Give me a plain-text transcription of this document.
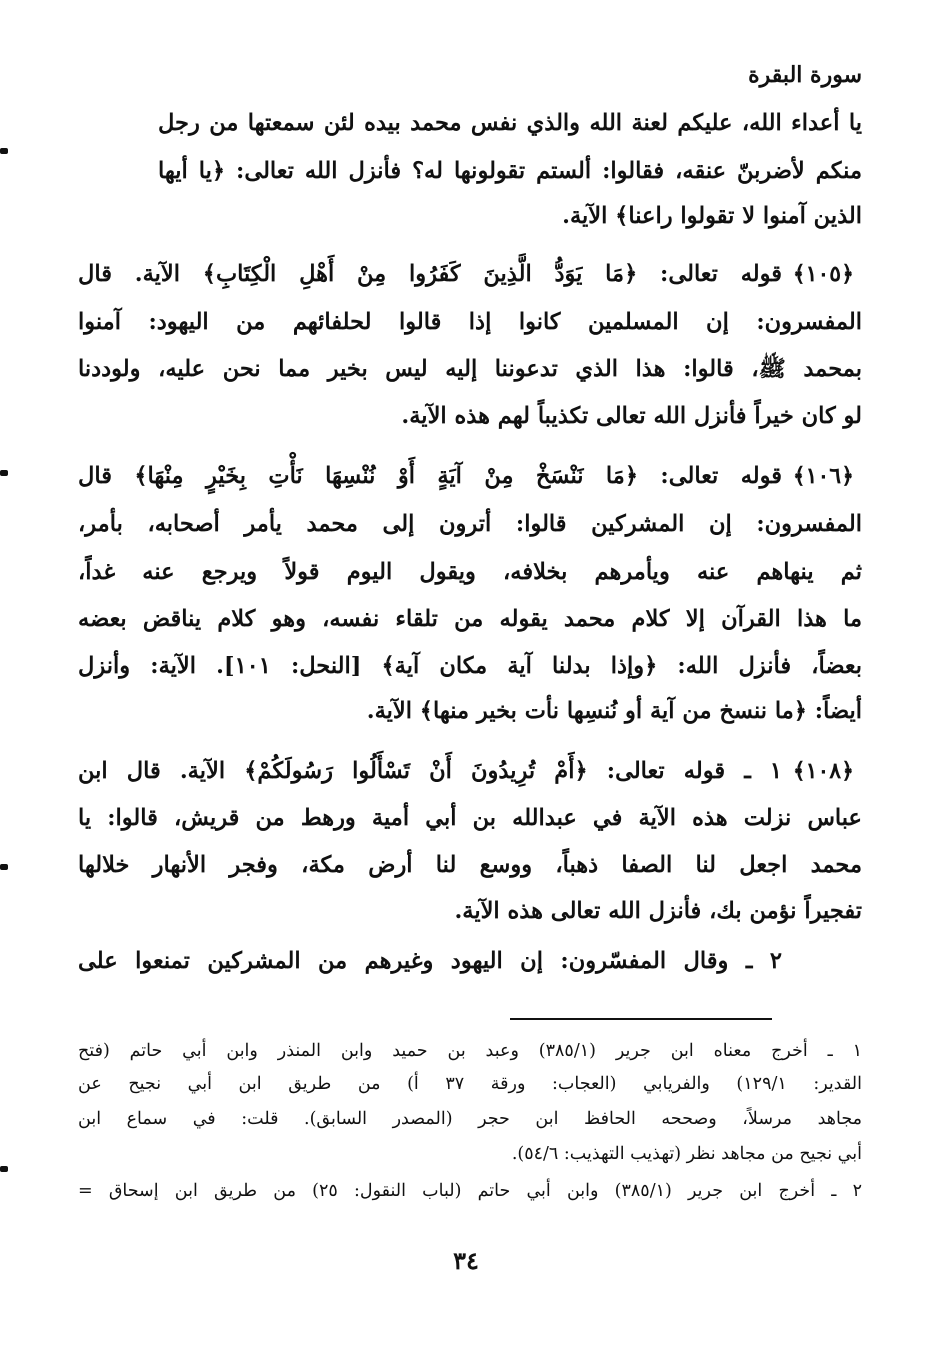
سورة البقرة
يا أعداء الله، عليكم لعنة الله والذي نفس محمد بيده لئن سمعتها من رجل
منكم لأضربنّ عنقه، فقالوا: ألستم تقولونها له؟ فأنزل الله تعالى: ﴿يا أيها
الذين آمنوا لا تقولوا راعنا﴾ الآية.
﴿١٠٥﴾
قوله تعالى: ﴿مَا يَوَدُّ الَّذِينَ كَفَرُوا مِنْ أَهْلِ الْكِتَابِ﴾ الآية. قال
المفسرون: إن المسلمين كانوا إذا قالوا لحلفائهم من اليهود: آمنوا
بمحمد ﷺ، قالوا: هذا الذي تدعوننا إليه ليس بخير مما نحن عليه، ولوددنا
لو كان خيراً فأنزل الله تعالى تكذيباً لهم هذه الآية.
﴿١٠٦﴾
قوله تعالى: ﴿مَا نَنْسَخْ مِنْ آيَةٍ أَوْ نُنْسِهَا نَأْتِ بِخَيْرٍ مِنْهَا﴾ قال
المفسرون: إن المشركين قالوا: أترون إلى محمد يأمر أصحابه، بأمر،
ثم ينهاهم عنه ويأمرهم بخلافه، ويقول اليوم قولاً ويرجع عنه غداً،
ما هذا القرآن إلا كلام محمد يقوله من تلقاء نفسه، وهو كلام يناقض بعضه
بعضاً، فأنزل الله: ﴿وإذا بدلنا آية مكان آية﴾ [النحل: ١٠١]. الآية: وأنزل
أيضاً: ﴿ما ننسخ من آية أو نُنسِها نأت بخير منها﴾ الآية.
﴿١٠٨﴾
١ ـ قوله تعالى: ﴿أَمْ تُرِيدُونَ أَنْ تَسْأَلُوا رَسُولَكُمْ﴾ الآية. قال ابن
عباس نزلت هذه الآية في عبدالله بن أبي أمية ورهط من قريش، قالوا: يا
محمد اجعل لنا الصفا ذهباً، ووسع لنا أرض مكة، وفجر الأنهار خلالها
تفجيراً نؤمن بك، فأنزل الله تعالى هذه الآية.
٢ ـ وقال المفسّرون: إن اليهود وغيرهم من المشركين تمنعوا على
١ ـ أخرج معناه ابن جرير (٣٨٥/١) وعبد بن حميد وابن المنذر وابن أبي حاتم (فتح
القدير: ١٢٩/١) والفريابي (العجاب: ورقة ٣٧ أ) من طريق ابن أبي نجيح عن
مجاهد مرسلاً، وصححه الحافظ ابن حجر (المصدر السابق). قلت: في سماع ابن
أبي نجيح من مجاهد نظر (تهذيب التهذيب: ٥٤/٦).
٢ ـ أخرج ابن جرير (٣٨٥/١) وابن أبي حاتم (لباب النقول: ٢٥) من طريق ابن إسحاق =
٣٤
